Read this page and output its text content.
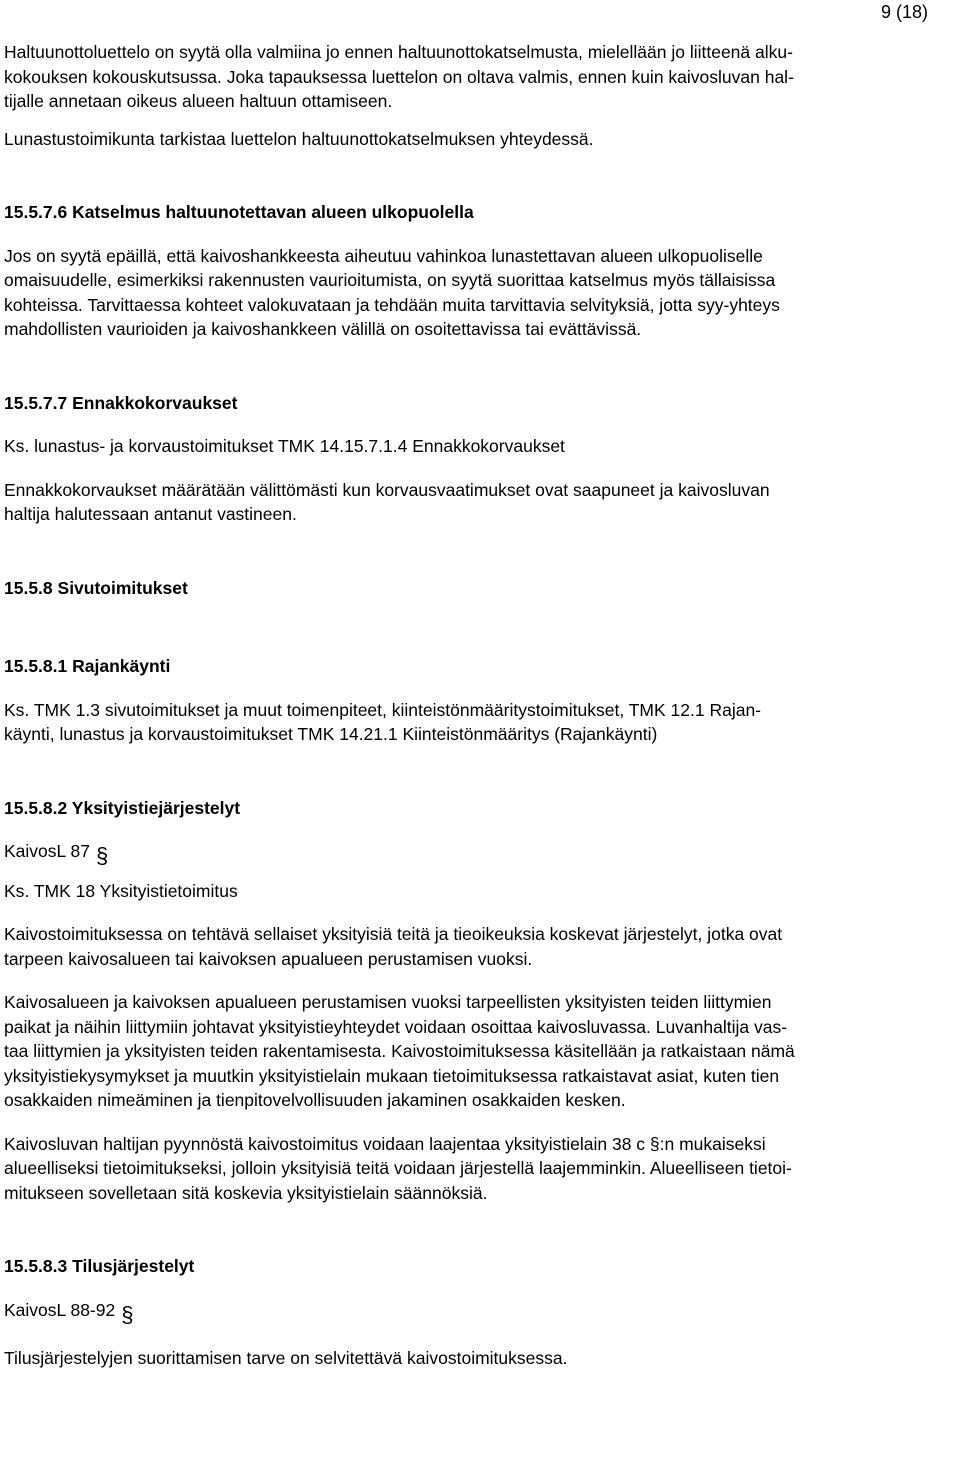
9 (18)

Haltuunottoluettelo on syytä olla valmiina jo ennen haltuunottokatselmusta, mielellään jo liitteenä alku-
kokouksen kokouskutsussa. Joka tapauksessa luettelon on oltava valmis, ennen kuin kaivosluvan hal-
tijalle annetaan oikeus alueen haltuun ottamiseen.

Lunastustoimikunta tarkistaa luettelon haltuunottokatselmuksen yhteydessä.

15.5.7.6 Katselmus haltuunotettavan alueen ulkopuolella

Jos on syytä epäillä, että kaivoshankkeesta aiheutuu vahinkoa lunastettavan alueen ulkopuoliselle
omaisuudelle, esimerkiksi rakennusten vaurioitumista, on syytä suorittaa katselmus myös tällaisissa
kohteissa. Tarvittaessa kohteet valokuvataan ja tehdään muita tarvittavia selvityksiä, jotta syy-yhteys
mahdollisten vaurioiden ja kaivoshankkeen välillä on osoitettavissa tai evättävissä.

15.5.7.7 Ennakkokorvaukset

Ks. lunastus- ja korvaustoimitukset TMK 14.15.7.1.4 Ennakkokorvaukset

Ennakkokorvaukset määrätään välittömästi kun korvausvaatimukset ovat saapuneet ja kaivosluvan
haltija halutessaan antanut vastineen.

15.5.8 Sivutoimitukset
15.5.8.1 Rajankäynti

Ks. TMK 1.3 sivutoimitukset ja muut toimenpiteet, kiinteistönmääritystoimitukset, TMK 12.1 Rajan-
käynti, lunastus ja korvaustoimitukset TMK 14.21.1 Kiinteistönmääritys (Rajankäynti)

15.5.8.2 Yksityistiejärjestelyt

KaivosL 87 §

Ks. TMK 18 Yksityistietoimitus

Kaivostoimituksessa on tehtävä sellaiset yksityisiä teitä ja tieoikeuksia koskevat järjestelyt, jotka ovat
tarpeen kaivosalueen tai kaivoksen apualueen perustamisen vuoksi.

Kaivosalueen ja kaivoksen apualueen perustamisen vuoksi tarpeellisten yksityisten teiden liittymien
paikat ja näihin liittymiin johtavat yksityistieyhteydet voidaan osoittaa kaivosluvassa. Luvanhaltija vas-
taa liittymien ja yksityisten teiden rakentamisesta. Kaivostoimituksessa käsitellään ja ratkaistaan nämä
yksityistiekysymykset ja muutkin yksityistielain mukaan tietoimituksessa ratkaistavat asiat, kuten tien
osakkaiden nimeäminen ja tienpitovelvollisuuden jakaminen osakkaiden kesken.

Kaivosluvan haltijan pyynnöstä kaivostoimitus voidaan laajentaa yksityistielain 38 c §:n mukaiseksi
alueelliseksi tietoimitukseksi, jolloin yksityisiä teitä voidaan järjestellä laajemminkin. Alueelliseen tietoi-
mitukseen sovelletaan sitä koskevia yksityistielain säännöksiä.

15.5.8.3 Tilusjärjestelyt

KaivosL 88-92 §

Tilusjärjestelyjen suorittamisen tarve on selvitettävä kaivostoimituksessa.
